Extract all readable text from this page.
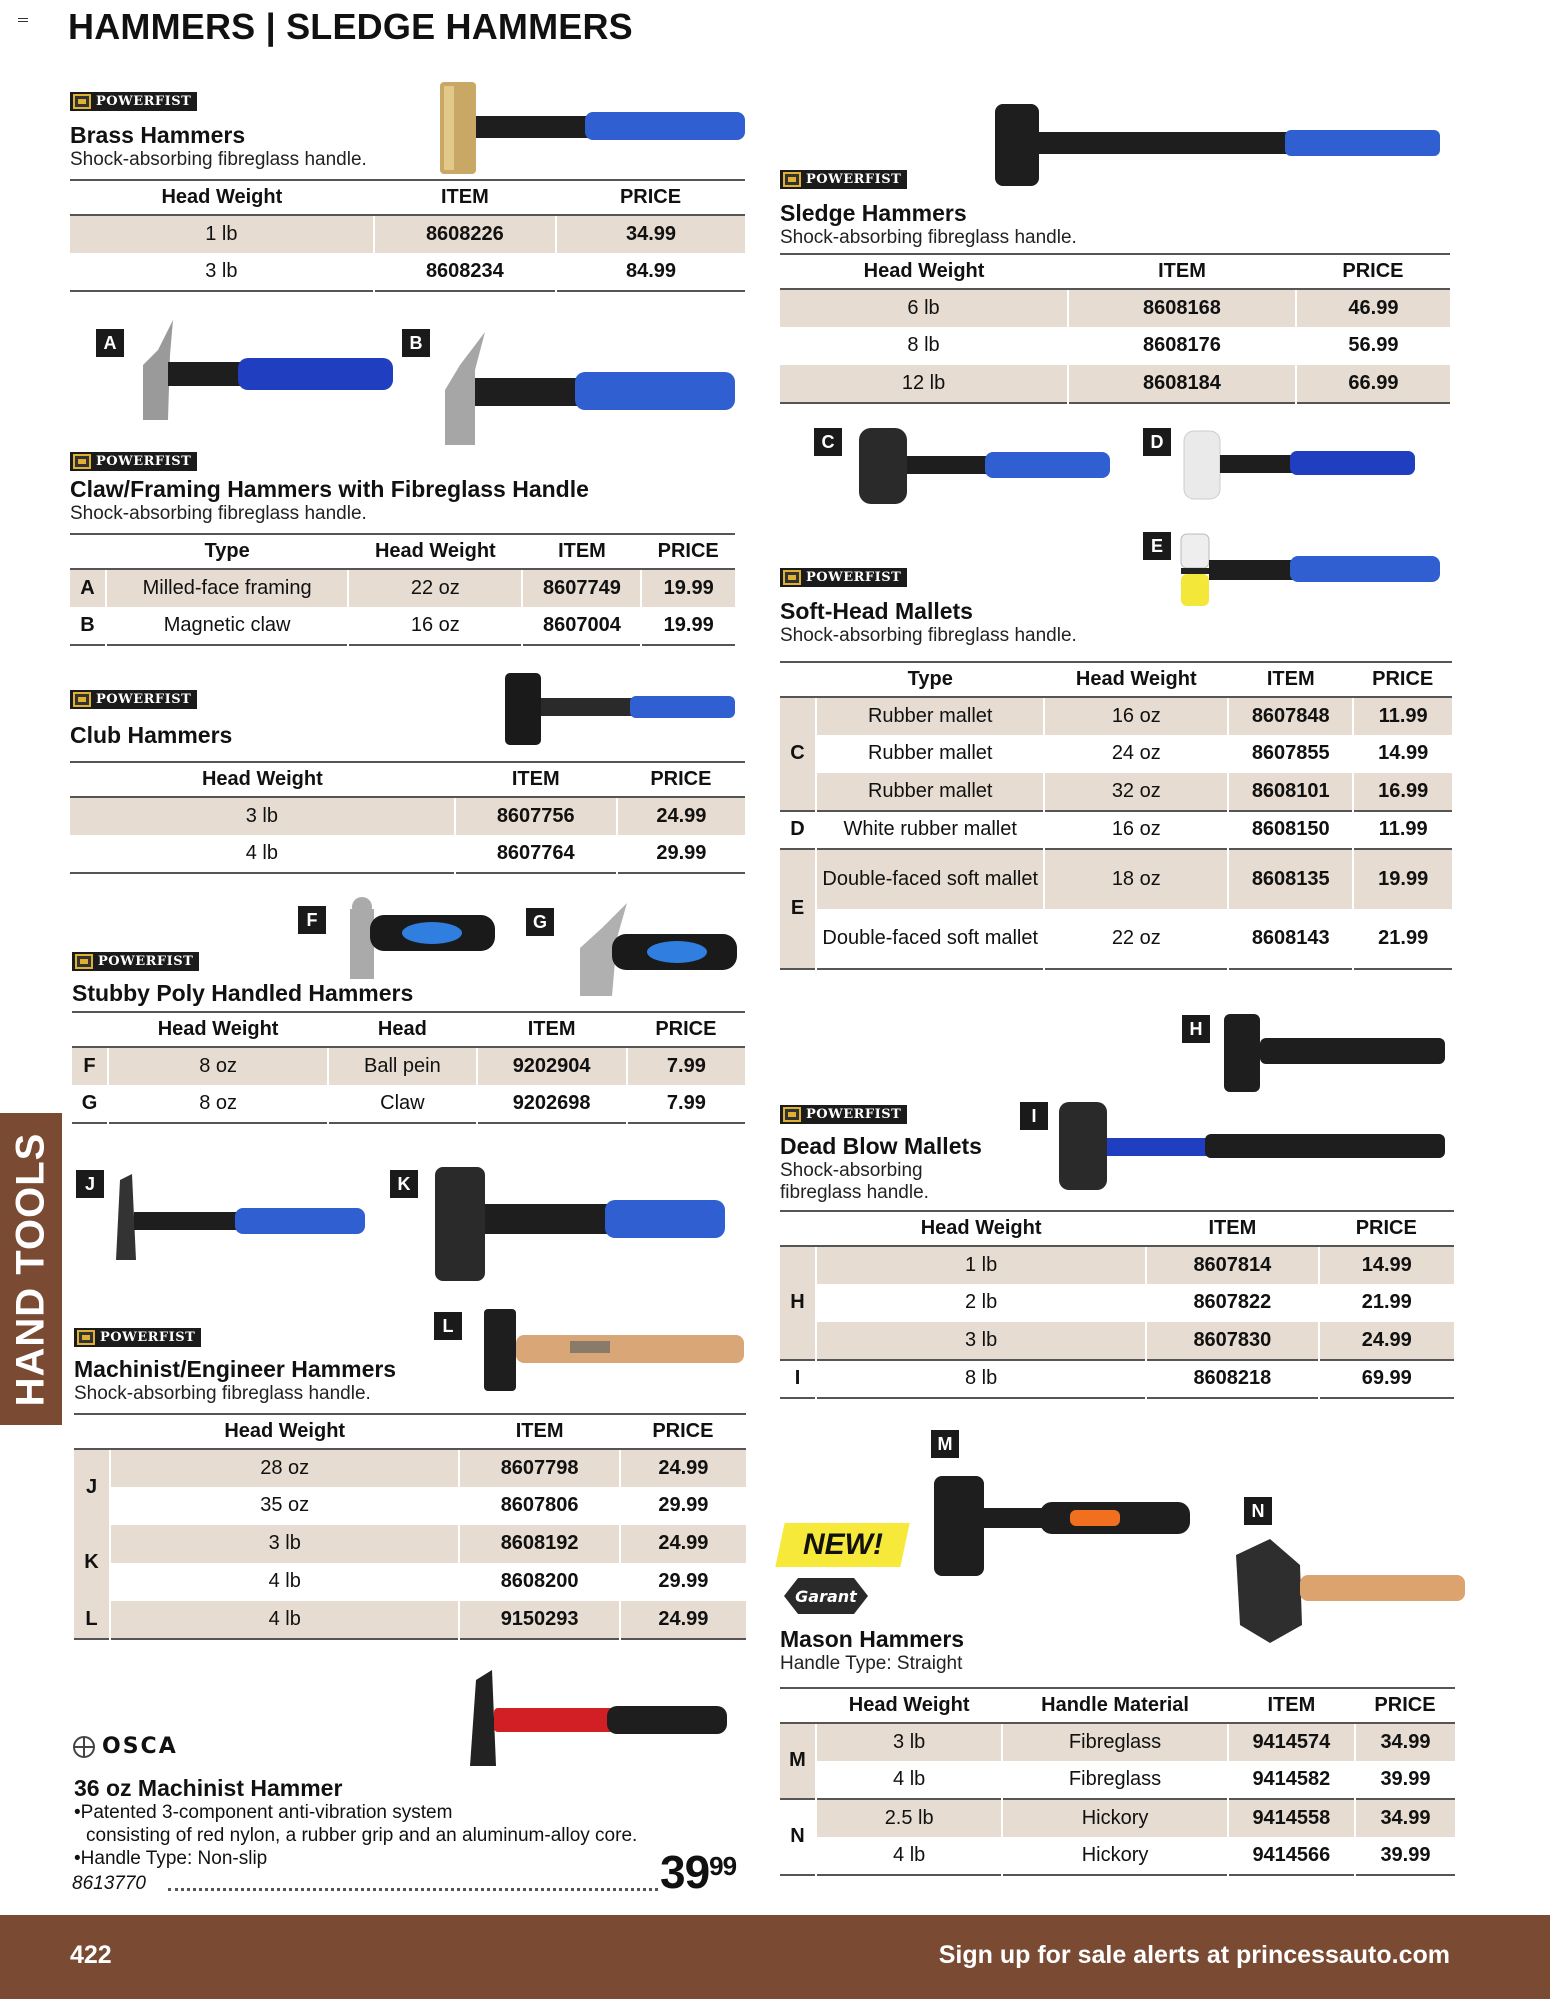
HAMMERS | SLEDGE HAMMERS
HAND TOOLS
POWERFIST
Brass Hammers
Shock-absorbing fibreglass handle.
Head Weight	ITEM	PRICE
1 lb	8608226	34.99
3 lb	8608234	84.99
A	B
POWERFIST
Claw/Framing Hammers with Fibreglass Handle
Shock-absorbing fibreglass handle.
	Type	Head Weight	ITEM	PRICE
A	Milled-face framing	22 oz	8607749	19.99
B	Magnetic claw	16 oz	8607004	19.99
POWERFIST
Club Hammers
Head Weight	ITEM	PRICE
3 lb	8607756	24.99
4 lb	8607764	29.99
F	G
POWERFIST
Stubby Poly Handled Hammers
	Head Weight	Head	ITEM	PRICE
F	8 oz	Ball pein	9202904	7.99
G	8 oz	Claw	9202698	7.99
J	K
L
POWERFIST
Machinist/Engineer Hammers
Shock-absorbing fibreglass handle.
	Head Weight	ITEM	PRICE
J	28 oz	8607798	24.99
	35 oz	8607806	29.99
K	3 lb	8608192	24.99
	4 lb	8608200	29.99
L	4 lb	9150293	24.99
OSCA
36 oz Machinist Hammer
•Patented 3-component anti-vibration system
consisting of red nylon, a rubber grip and an aluminum-alloy core.
•Handle Type: Non-slip
8613770	$39^{99}$
POWERFIST
Sledge Hammers
Shock-absorbing fibreglass handle.
Head Weight	ITEM	PRICE
6 lb	8608168	46.99
8 lb	8608176	56.99
12 lb	8608184	66.99
C	D
E
POWERFIST
Soft-Head Mallets
Shock-absorbing fibreglass handle.
	Type	Head Weight	ITEM	PRICE
C	Rubber mallet	16 oz	8607848	11.99
	Rubber mallet	24 oz	8607855	14.99
	Rubber mallet	32 oz	8608101	16.99
D	White rubber mallet	16 oz	8608150	11.99
E	Double-faced soft mallet	18 oz	8608135	19.99
	Double-faced soft mallet	22 oz	8608143	21.99
H
I
POWERFIST
Dead Blow Mallets
Shock-absorbing
fibreglass handle.
	Head Weight	ITEM	PRICE
H	1 lb	8607814	14.99
	2 lb	8607822	21.99
	3 lb	8607830	24.99
I	8 lb	8608218	69.99
M
N
NEW!
Garant
Mason Hammers
Handle Type: Straight
	Head Weight	Handle Material	ITEM	PRICE
M	3 lb	Fibreglass	9414574	34.99
	4 lb	Fibreglass	9414582	39.99
N	2.5 lb	Hickory	9414558	34.99
	4 lb	Hickory	9414566	39.99
422	Sign up for sale alerts at princessauto.com
